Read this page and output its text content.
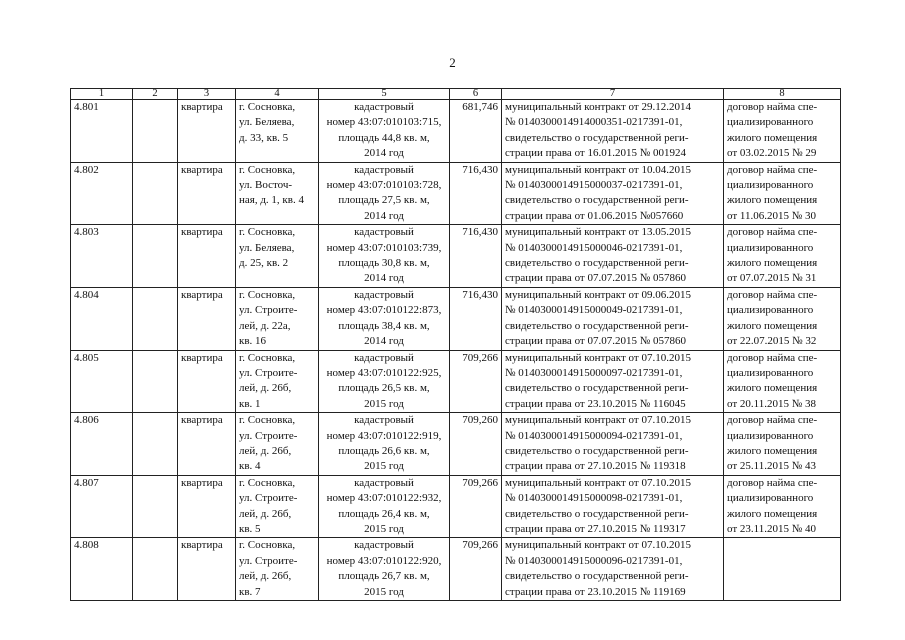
2
1	2	3	4	5	6	7	8
4.801		квартира	г. Сосновка,
ул. Беляева,
д. 33, кв. 5	кадастровый
номер 43:07:010103:715,
площадь 44,8 кв. м,
2014 год	681,746	муниципальный контракт от 29.12.2014
№ 0140300014914000351-0217391-01,
свидетельство о государственной реги-
страции права от 16.01.2015 № 001924	договор найма спе-
циализированного
жилого помещения
от 03.02.2015 № 29

4.802		квартира	г. Сосновка,
ул. Восточ-
ная, д. 1, кв. 4	кадастровый
номер 43:07:010103:728,
площадь 27,5 кв. м,
2014 год	716,430	муниципальный контракт от 10.04.2015
№ 0140300014915000037-0217391-01,
свидетельство о государственной реги-
страции права от 01.06.2015 №057660	договор найма спе-
циализированного
жилого помещения
от 11.06.2015 № 30

4.803		квартира	г. Сосновка,
ул. Беляева,
д. 25, кв. 2	кадастровый
номер 43:07:010103:739,
площадь 30,8 кв. м,
2014 год	716,430	муниципальный контракт от 13.05.2015
№ 0140300014915000046-0217391-01,
свидетельство о государственной реги-
страции права от 07.07.2015 № 057860	договор найма спе-
циализированного
жилого помещения
от 07.07.2015 № 31

4.804		квартира	г. Сосновка,
ул. Строите-
лей, д. 22а,
кв. 16	кадастровый
номер 43:07:010122:873,
площадь 38,4 кв. м,
2014 год	716,430	муниципальный контракт от 09.06.2015
№ 0140300014915000049-0217391-01,
свидетельство о государственной реги-
страции права от 07.07.2015 № 057860	договор найма спе-
циализированного
жилого помещения
от 22.07.2015 № 32

4.805		квартира	г. Сосновка,
ул. Строите-
лей, д. 26б,
кв. 1	кадастровый
номер 43:07:010122:925,
площадь 26,5 кв. м,
2015 год	709,266	муниципальный контракт от 07.10.2015
№ 0140300014915000097-0217391-01,
свидетельство о государственной реги-
страции права от 23.10.2015 № 116045	договор найма спе-
циализированного
жилого помещения
от 20.11.2015 № 38

4.806		квартира	г. Сосновка,
ул. Строите-
лей, д. 26б,
кв. 4	кадастровый
номер 43:07:010122:919,
площадь 26,6 кв. м,
2015 год	709,260	муниципальный контракт от 07.10.2015
№ 0140300014915000094-0217391-01,
свидетельство о государственной реги-
страции права от 27.10.2015 № 119318	договор найма спе-
циализированного
жилого помещения
от 25.11.2015 № 43

4.807		квартира	г. Сосновка,
ул. Строите-
лей, д. 26б,
кв. 5	кадастровый
номер 43:07:010122:932,
площадь 26,4 кв. м,
2015 год	709,266	муниципальный контракт от 07.10.2015
№ 0140300014915000098-0217391-01,
свидетельство о государственной реги-
страции права от 27.10.2015 № 119317	договор найма спе-
циализированного
жилого помещения
от 23.11.2015 № 40

4.808		квартира	г. Сосновка,
ул. Строите-
лей, д. 26б,
кв. 7	кадастровый
номер 43:07:010122:920,
площадь 26,7 кв. м,
2015 год	709,266	муниципальный контракт от 07.10.2015
№ 0140300014915000096-0217391-01,
свидетельство о государственной реги-
страции права от 23.10.2015 № 119169	
